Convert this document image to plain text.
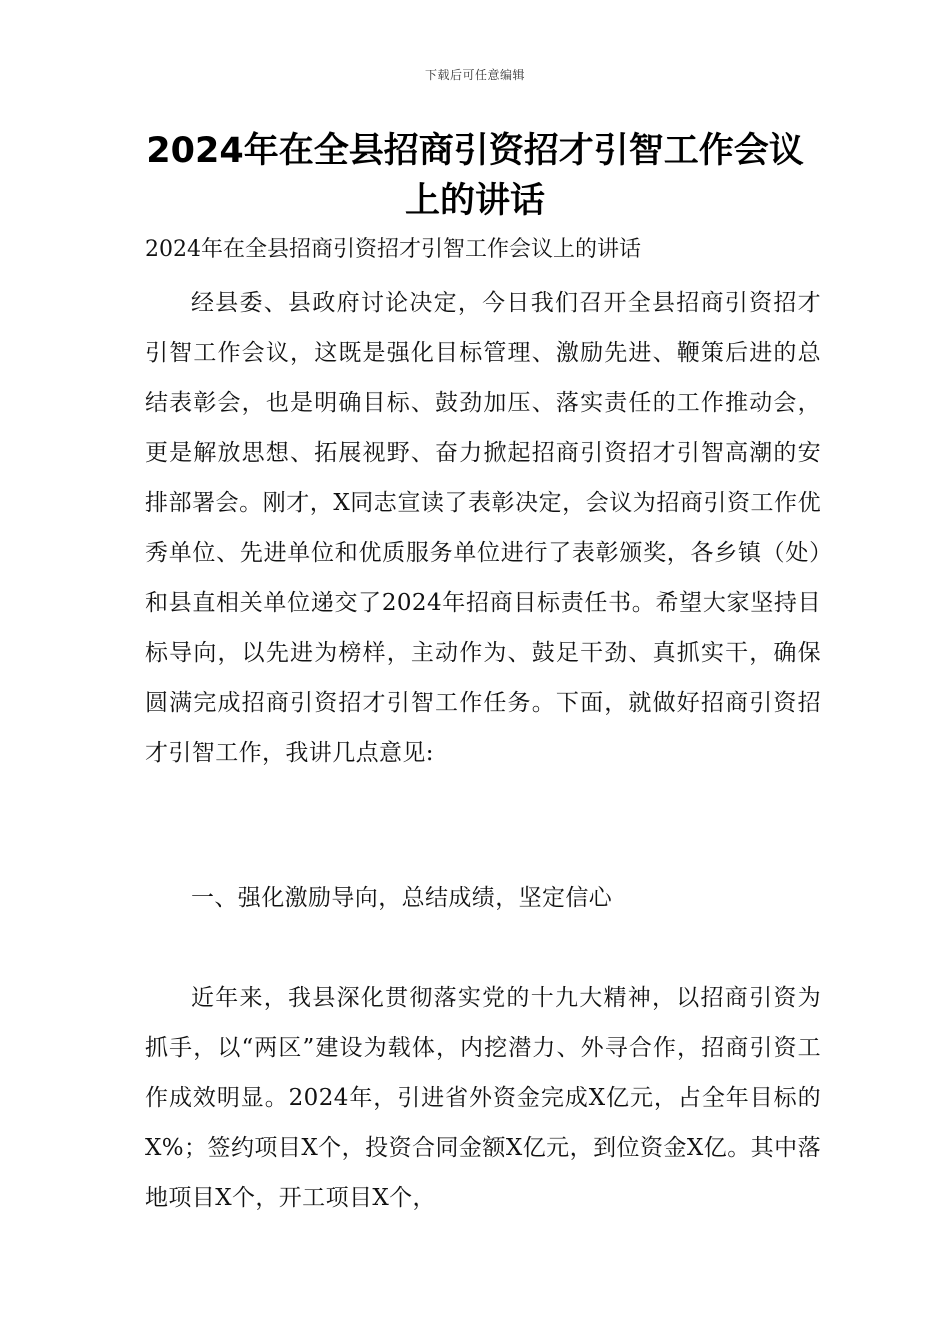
下载后可任意编辑
2024年在全县招商引资招才引智工作会议上的讲话

2024年在全县招商引资招才引智工作会议上的讲话

经县委、县政府讨论决定，今日我们召开全县招商引资招才引智工作会议，这既是强化目标管理、激励先进、鞭策后进的总结表彰会，也是明确目标、鼓劲加压、落实责任的工作推动会，更是解放思想、拓展视野、奋力掀起招商引资招才引智高潮的安排部署会。刚才，X同志宣读了表彰决定，会议为招商引资工作优秀单位、先进单位和优质服务单位进行了表彰颁奖，各乡镇（处）和县直相关单位递交了2024年招商目标责任书。希望大家坚持目标导向，以先进为榜样，主动作为、鼓足干劲、真抓实干，确保圆满完成招商引资招才引智工作任务。下面，就做好招商引资招才引智工作，我讲几点意见:

一、强化激励导向，总结成绩，坚定信心

近年来，我县深化贯彻落实党的十九大精神，以招商引资为抓手，以“两区”建设为载体，内挖潜力、外寻合作，招商引资工作成效明显。2024年，引进省外资金完成X亿元，占全年目标的X%；签约项目X个，投资合同金额X亿元，到位资金X亿。其中落地项目X个，开工项目X个，
